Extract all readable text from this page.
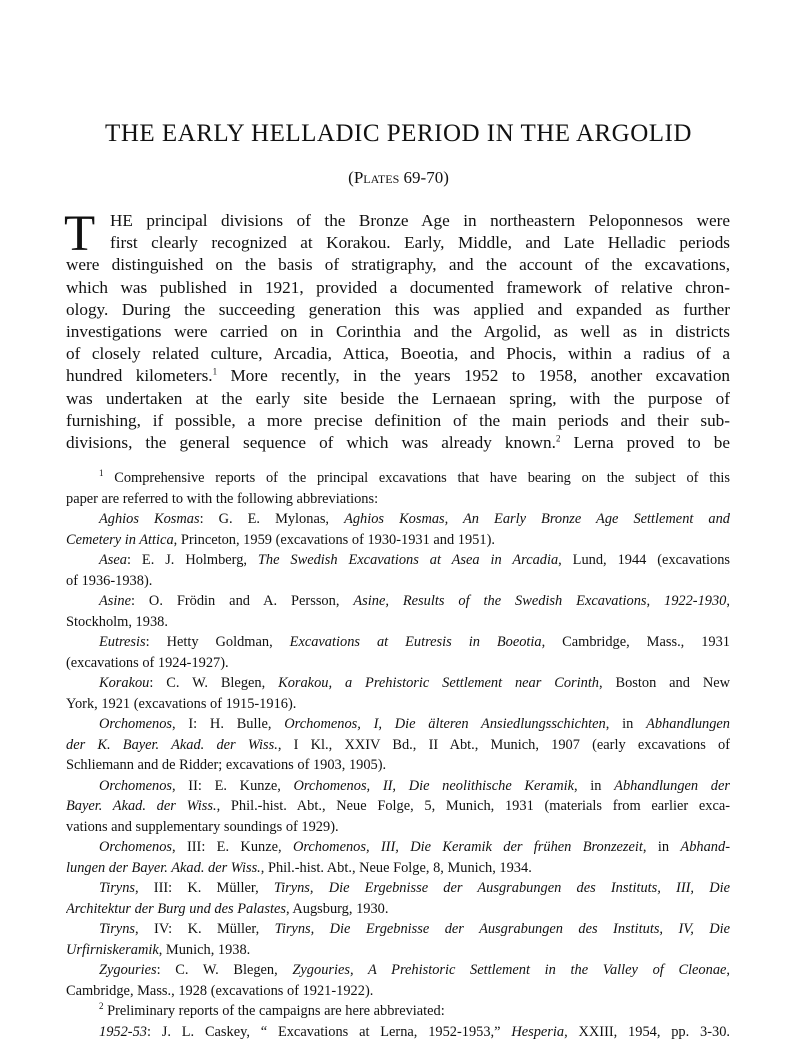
THE EARLY HELLADIC PERIOD IN THE ARGOLID
(Plates 69-70)
T HE principal divisions of the Bronze Age in northeastern Peloponnesos were
first clearly recognized at Korakou. Early, Middle, and Late Helladic periods
were distinguished on the basis of stratigraphy, and the account of the excavations,
which was published in 1921, provided a documented framework of relative chron-
ology. During the succeeding generation this was applied and expanded as further
investigations were carried on in Corinthia and the Argolid, as well as in districts
of closely related culture, Arcadia, Attica, Boeotia, and Phocis, within a radius of a
hundred kilometers.$^1$ More recently, in the years 1952 to 1958, another excavation
was undertaken at the early site beside the Lernaean spring, with the purpose of
furnishing, if possible, a more precise definition of the main periods and their sub-
divisions, the general sequence of which was already known.$^2$ Lerna proved to be
$^1$ Comprehensive reports of the principal excavations that have bearing on the subject of this
paper are referred to with the following abbreviations:
Aghios Kosmas: G. E. Mylonas, Aghios Kosmas, An Early Bronze Age Settlement and
Cemetery in Attica, Princeton, 1959 (excavations of 1930-1931 and 1951).
Asea: E. J. Holmberg, The Swedish Excavations at Asea in Arcadia, Lund, 1944 (excavations
of 1936-1938).
Asine: O. Frödin and A. Persson, Asine, Results of the Swedish Excavations, 1922-1930,
Stockholm, 1938.
Eutresis: Hetty Goldman, Excavations at Eutresis in Boeotia, Cambridge, Mass., 1931
(excavations of 1924-1927).
Korakou: C. W. Blegen, Korakou, a Prehistoric Settlement near Corinth, Boston and New
York, 1921 (excavations of 1915-1916).
Orchomenos, I: H. Bulle, Orchomenos, I, Die älteren Ansiedlungsschichten, in Abhandlungen
der K. Bayer. Akad. der Wiss., I Kl., XXIV Bd., II Abt., Munich, 1907 (early excavations of
Schliemann and de Ridder; excavations of 1903, 1905).
Orchomenos, II: E. Kunze, Orchomenos, II, Die neolithische Keramik, in Abhandlungen der
Bayer. Akad. der Wiss., Phil.-hist. Abt., Neue Folge, 5, Munich, 1931 (materials from earlier exca-
vations and supplementary soundings of 1929).
Orchomenos, III: E. Kunze, Orchomenos, III, Die Keramik der frühen Bronzezeit, in Abhand-
lungen der Bayer. Akad. der Wiss., Phil.-hist. Abt., Neue Folge, 8, Munich, 1934.
Tiryns, III: K. Müller, Tiryns, Die Ergebnisse der Ausgrabungen des Instituts, III, Die
Architektur der Burg und des Palastes, Augsburg, 1930.
Tiryns, IV: K. Müller, Tiryns, Die Ergebnisse der Ausgrabungen des Instituts, IV, Die
Urfirniskeramik, Munich, 1938.
Zygouries: C. W. Blegen, Zygouries, A Prehistoric Settlement in the Valley of Cleonae,
Cambridge, Mass., 1928 (excavations of 1921-1922).
$^2$ Preliminary reports of the campaigns are here abbreviated:
1952-53: J. L. Caskey, “ Excavations at Lerna, 1952-1953,” Hesperia, XXIII, 1954, pp. 3-30.
